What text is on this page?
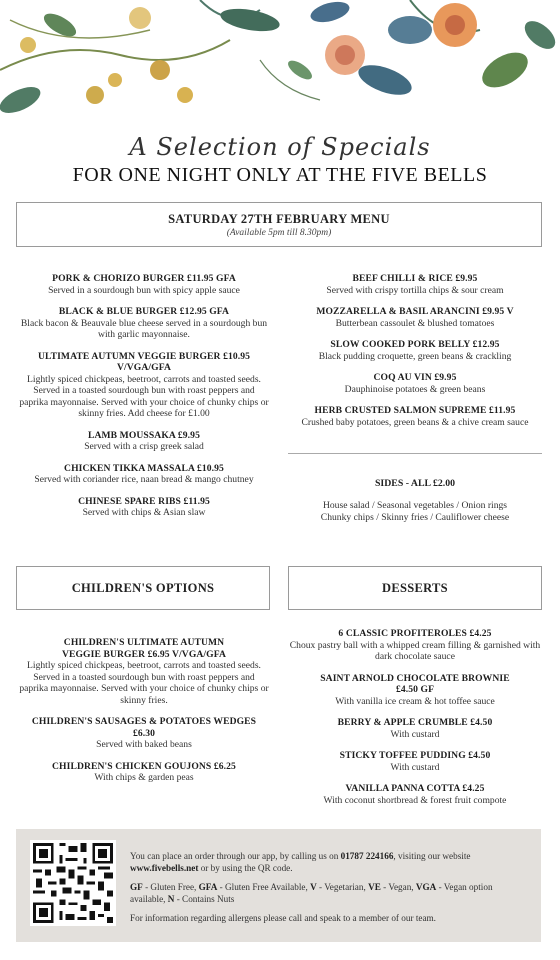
A Selection of Specials
FOR ONE NIGHT ONLY AT THE FIVE BELLS
SATURDAY 27TH FEBRUARY MENU
(Available 5pm till 8.30pm)
PORK & CHORIZO BURGER £11.95 GFA
Served in a sourdough bun with spicy apple sauce
BLACK & BLUE BURGER £12.95 GFA
Black bacon & Beauvale blue cheese served in a sourdough bun with garlic mayonnaise.
ULTIMATE AUTUMN VEGGIE BURGER £10.95 V/VGA/GFA
Lightly spiced chickpeas, beetroot, carrots and toasted seeds. Served in a toasted sourdough bun with roast peppers and paprika mayonnaise. Served with your choice of chunky chips or skinny fries. Add cheese for £1.00
LAMB MOUSSAKA £9.95
Served with a crisp greek salad
CHICKEN TIKKA MASSALA £10.95
Served with coriander rice, naan bread & mango chutney
CHINESE SPARE RIBS £11.95
Served with chips & Asian slaw
BEEF CHILLI & RICE £9.95
Served with crispy tortilla chips & sour cream
MOZZARELLA & BASIL ARANCINI £9.95 V
Butterbean cassoulet & blushed tomatoes
SLOW COOKED PORK BELLY £12.95
Black pudding croquette, green beans & crackling
COQ AU VIN £9.95
Dauphinoise potatoes & green beans
HERB CRUSTED SALMON SUPREME £11.95
Crushed baby potatoes, green beans & a chive cream sauce
SIDES - ALL £2.00
House salad / Seasonal vegetables / Onion rings
Chunky chips / Skinny fries / Cauliflower cheese
CHILDREN'S OPTIONS	DESSERTS
CHILDREN'S ULTIMATE AUTUMN VEGGIE BURGER £6.95 V/VGA/GFA
Lightly spiced chickpeas, beetroot, carrots and toasted seeds. Served in a toasted sourdough bun with roast peppers and paprika mayonnaise. Served with your choice of chunky chips or skinny fries.
CHILDREN'S SAUSAGES & POTATOES WEDGES £6.30
Served with baked beans
CHILDREN'S CHICKEN GOUJONS £6.25
With chips & garden peas
6 CLASSIC PROFITEROLES £4.25
Choux pastry ball with a whipped cream filling & garnished with dark chocolate sauce
SAINT ARNOLD CHOCOLATE BROWNIE £4.50 GF
With vanilla ice cream & hot toffee sauce
BERRY & APPLE CRUMBLE £4.50
With custard
STICKY TOFFEE PUDDING £4.50
With custard
VANILLA PANNA COTTA £4.25
With coconut shortbread & forest fruit compote

You can place an order through our app, by calling us on 01787 224166, visiting our website www.fivebells.net or by using the QR code.

GF - Gluten Free, GFA - Gluten Free Available, V - Vegetarian, VE - Vegan, VGA - Vegan option available, N - Contains Nuts

For information regarding allergens please call and speak to a member of our team.
